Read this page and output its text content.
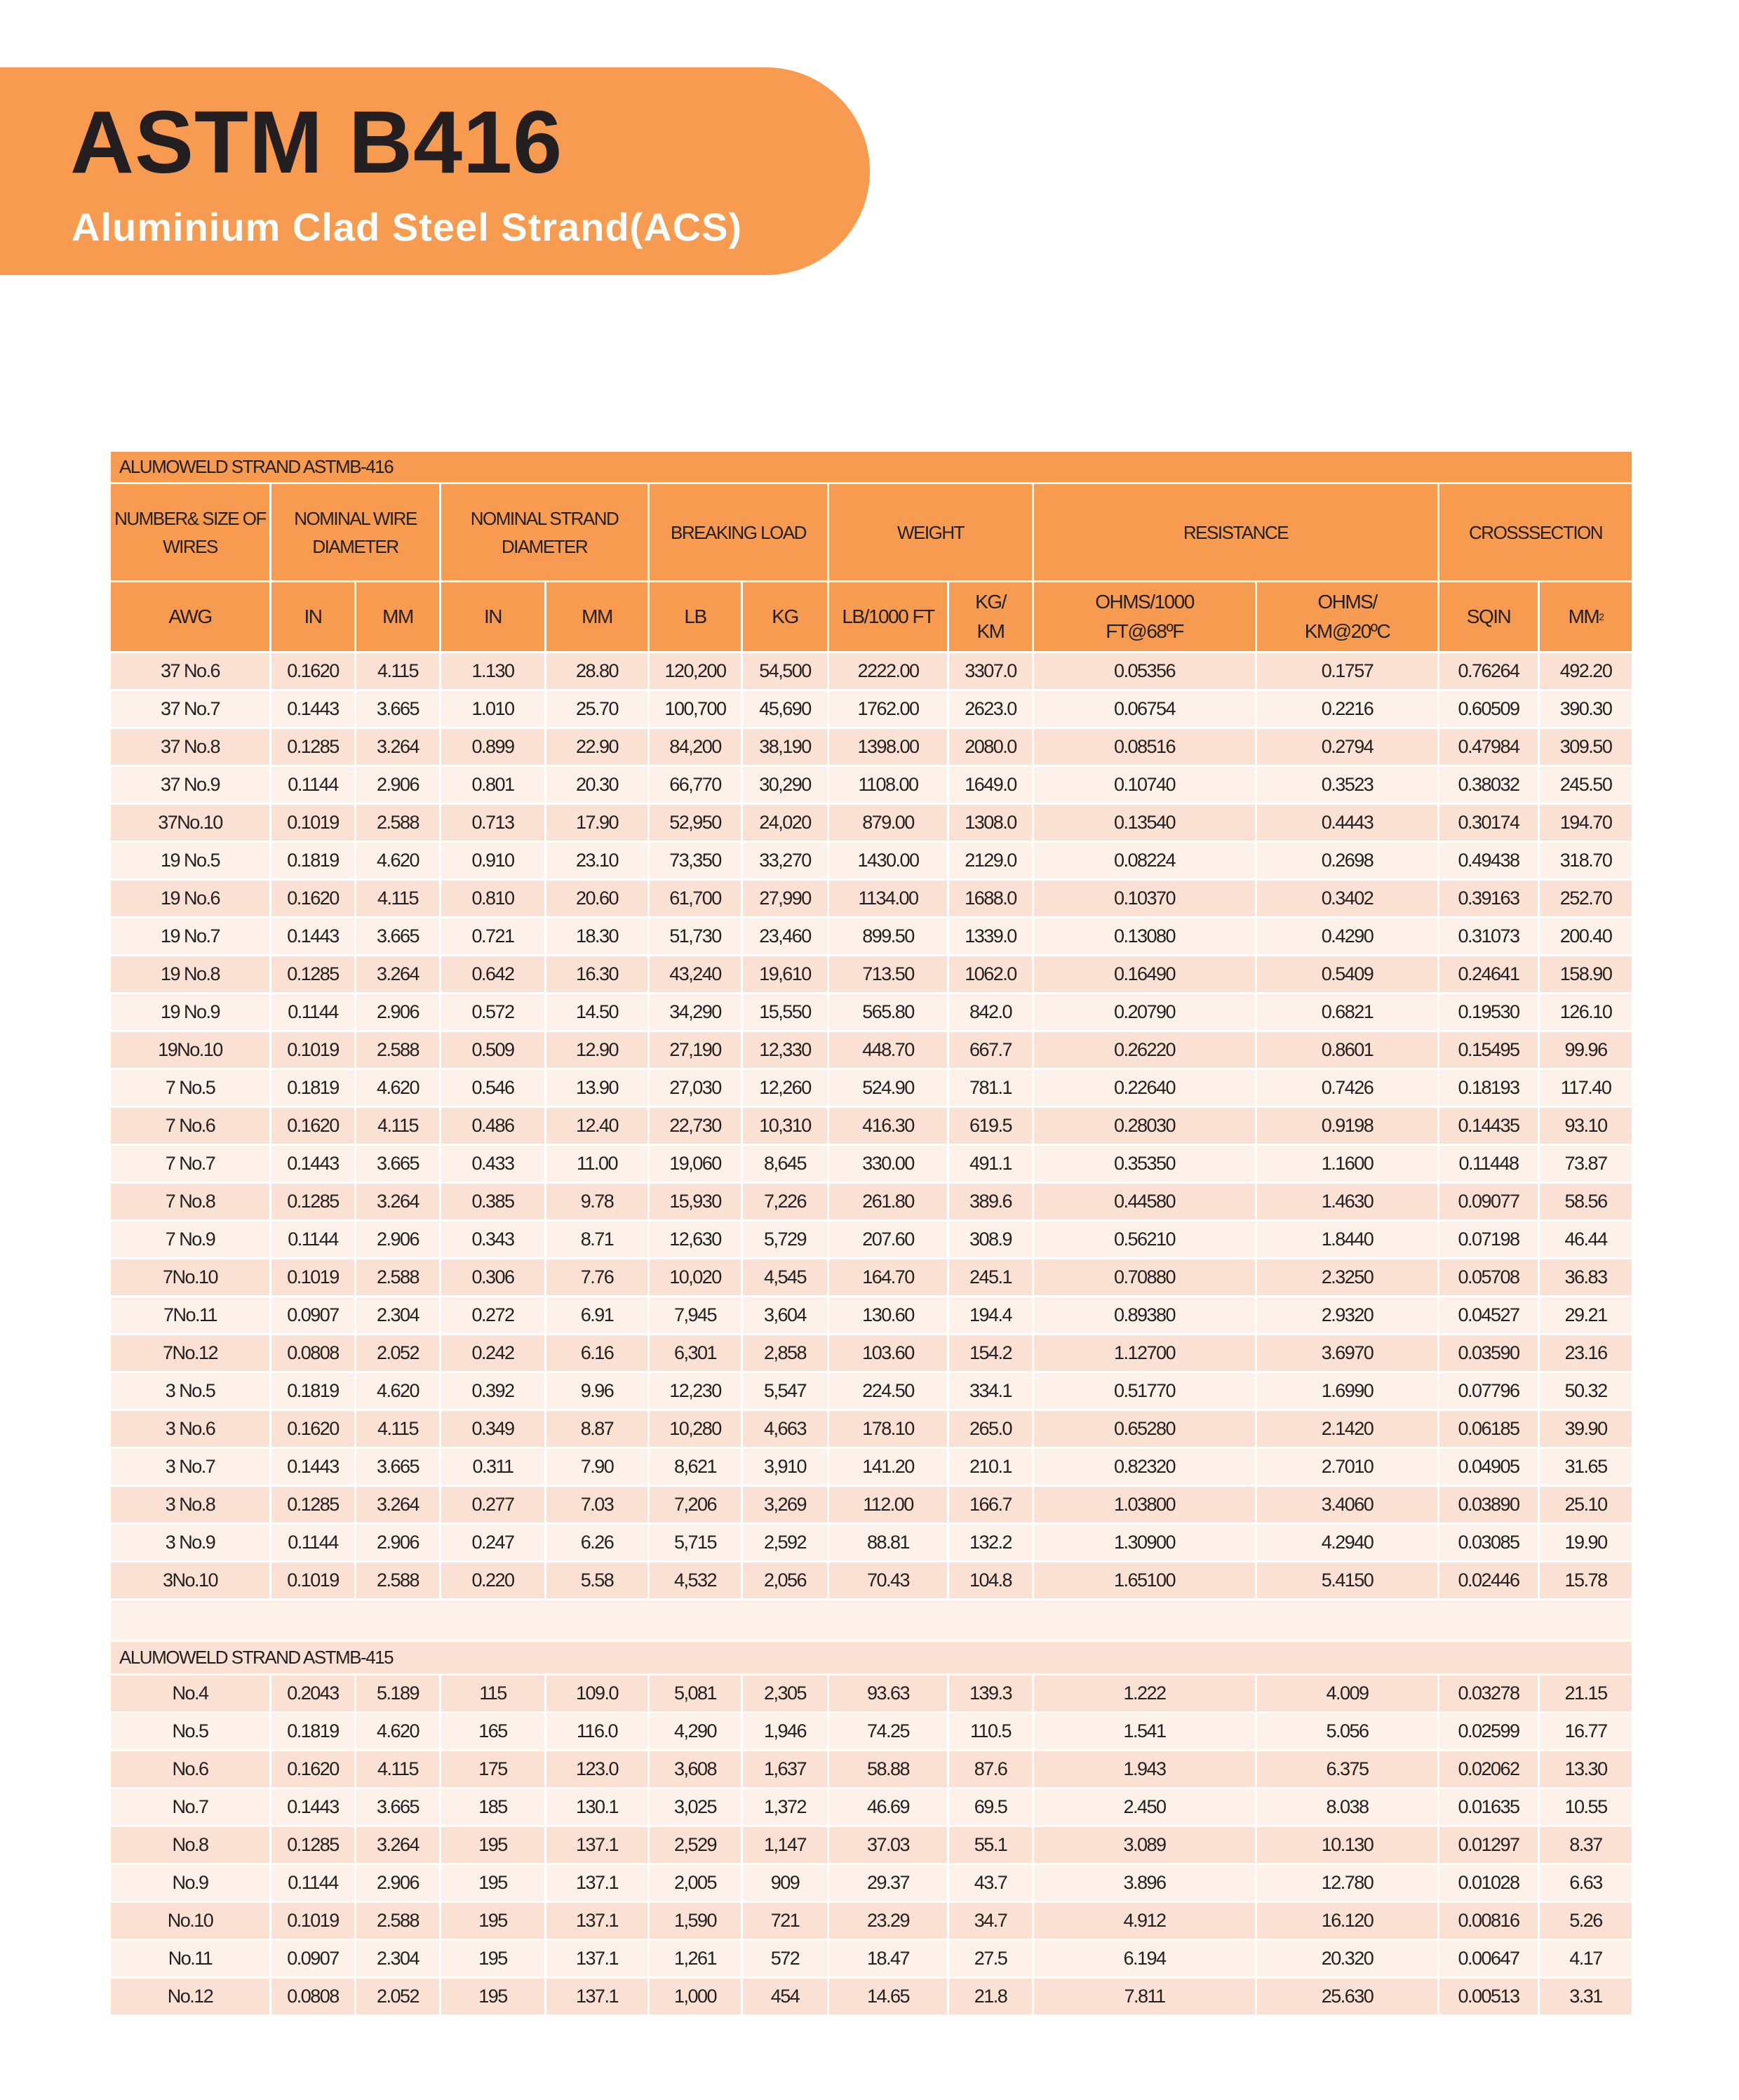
ASTM B416
Aluminium Clad Steel Strand(ACS)
ALUMOWELD STRAND ASTMB-416												
NUMBER& SIZE OF WIRES	NOMINAL WIRE DIAMETER		NOMINAL STRAND DIAMETER		BREAKING LOAD		WEIGHT		RESISTANCE		CROSSSECTION	
AWG	IN	MM	IN	MM	LB	KG	LB/1000 FT	KG/ KM	OHMS/1000 FT@68ºF	OHMS/ KM@20ºC	SQIN	$MM^2$
37 No.6	0.1620	4.115	1.130	28.80	120,200	54,500	2222.00	3307.0	0.05356	0.1757	0.76264	492.20
37 No.7	0.1443	3.665	1.010	25.70	100,700	45,690	1762.00	2623.0	0.06754	0.2216	0.60509	390.30
37 No.8	0.1285	3.264	0.899	22.90	84,200	38,190	1398.00	2080.0	0.08516	0.2794	0.47984	309.50
37 No.9	0.1144	2.906	0.801	20.30	66,770	30,290	1108.00	1649.0	0.10740	0.3523	0.38032	245.50
37No.10	0.1019	2.588	0.713	17.90	52,950	24,020	879.00	1308.0	0.13540	0.4443	0.30174	194.70
19 No.5	0.1819	4.620	0.910	23.10	73,350	33,270	1430.00	2129.0	0.08224	0.2698	0.49438	318.70
19 No.6	0.1620	4.115	0.810	20.60	61,700	27,990	1134.00	1688.0	0.10370	0.3402	0.39163	252.70
19 No.7	0.1443	3.665	0.721	18.30	51,730	23,460	899.50	1339.0	0.13080	0.4290	0.31073	200.40
19 No.8	0.1285	3.264	0.642	16.30	43,240	19,610	713.50	1062.0	0.16490	0.5409	0.24641	158.90
19 No.9	0.1144	2.906	0.572	14.50	34,290	15,550	565.80	842.0	0.20790	0.6821	0.19530	126.10
19No.10	0.1019	2.588	0.509	12.90	27,190	12,330	448.70	667.7	0.26220	0.8601	0.15495	99.96
7 No.5	0.1819	4.620	0.546	13.90	27,030	12,260	524.90	781.1	0.22640	0.7426	0.18193	117.40
7 No.6	0.1620	4.115	0.486	12.40	22,730	10,310	416.30	619.5	0.28030	0.9198	0.14435	93.10
7 No.7	0.1443	3.665	0.433	11.00	19,060	8,645	330.00	491.1	0.35350	1.1600	0.11448	73.87
7 No.8	0.1285	3.264	0.385	9.78	15,930	7,226	261.80	389.6	0.44580	1.4630	0.09077	58.56
7 No.9	0.1144	2.906	0.343	8.71	12,630	5,729	207.60	308.9	0.56210	1.8440	0.07198	46.44
7No.10	0.1019	2.588	0.306	7.76	10,020	4,545	164.70	245.1	0.70880	2.3250	0.05708	36.83
7No.11	0.0907	2.304	0.272	6.91	7,945	3,604	130.60	194.4	0.89380	2.9320	0.04527	29.21
7No.12	0.0808	2.052	0.242	6.16	6,301	2,858	103.60	154.2	1.12700	3.6970	0.03590	23.16
3 No.5	0.1819	4.620	0.392	9.96	12,230	5,547	224.50	334.1	0.51770	1.6990	0.07796	50.32
3 No.6	0.1620	4.115	0.349	8.87	10,280	4,663	178.10	265.0	0.65280	2.1420	0.06185	39.90
3 No.7	0.1443	3.665	0.311	7.90	8,621	3,910	141.20	210.1	0.82320	2.7010	0.04905	31.65
3 No.8	0.1285	3.264	0.277	7.03	7,206	3,269	112.00	166.7	1.03800	3.4060	0.03890	25.10
3 No.9	0.1144	2.906	0.247	6.26	5,715	2,592	88.81	132.2	1.30900	4.2940	0.03085	19.90
3No.10	0.1019	2.588	0.220	5.58	4,532	2,056	70.43	104.8	1.65100	5.4150	0.02446	15.78

ALUMOWELD STRAND ASTMB-415												
No.4	0.2043	5.189	115	109.0	5,081	2,305	93.63	139.3	1.222	4.009	0.03278	21.15
No.5	0.1819	4.620	165	116.0	4,290	1,946	74.25	110.5	1.541	5.056	0.02599	16.77
No.6	0.1620	4.115	175	123.0	3,608	1,637	58.88	87.6	1.943	6.375	0.02062	13.30
No.7	0.1443	3.665	185	130.1	3,025	1,372	46.69	69.5	2.450	8.038	0.01635	10.55
No.8	0.1285	3.264	195	137.1	2,529	1,147	37.03	55.1	3.089	10.130	0.01297	8.37
No.9	0.1144	2.906	195	137.1	2,005	909	29.37	43.7	3.896	12.780	0.01028	6.63
No.10	0.1019	2.588	195	137.1	1,590	721	23.29	34.7	4.912	16.120	0.00816	5.26
No.11	0.0907	2.304	195	137.1	1,261	572	18.47	27.5	6.194	20.320	0.00647	4.17
No.12	0.0808	2.052	195	137.1	1,000	454	14.65	21.8	7.811	25.630	0.00513	3.31
